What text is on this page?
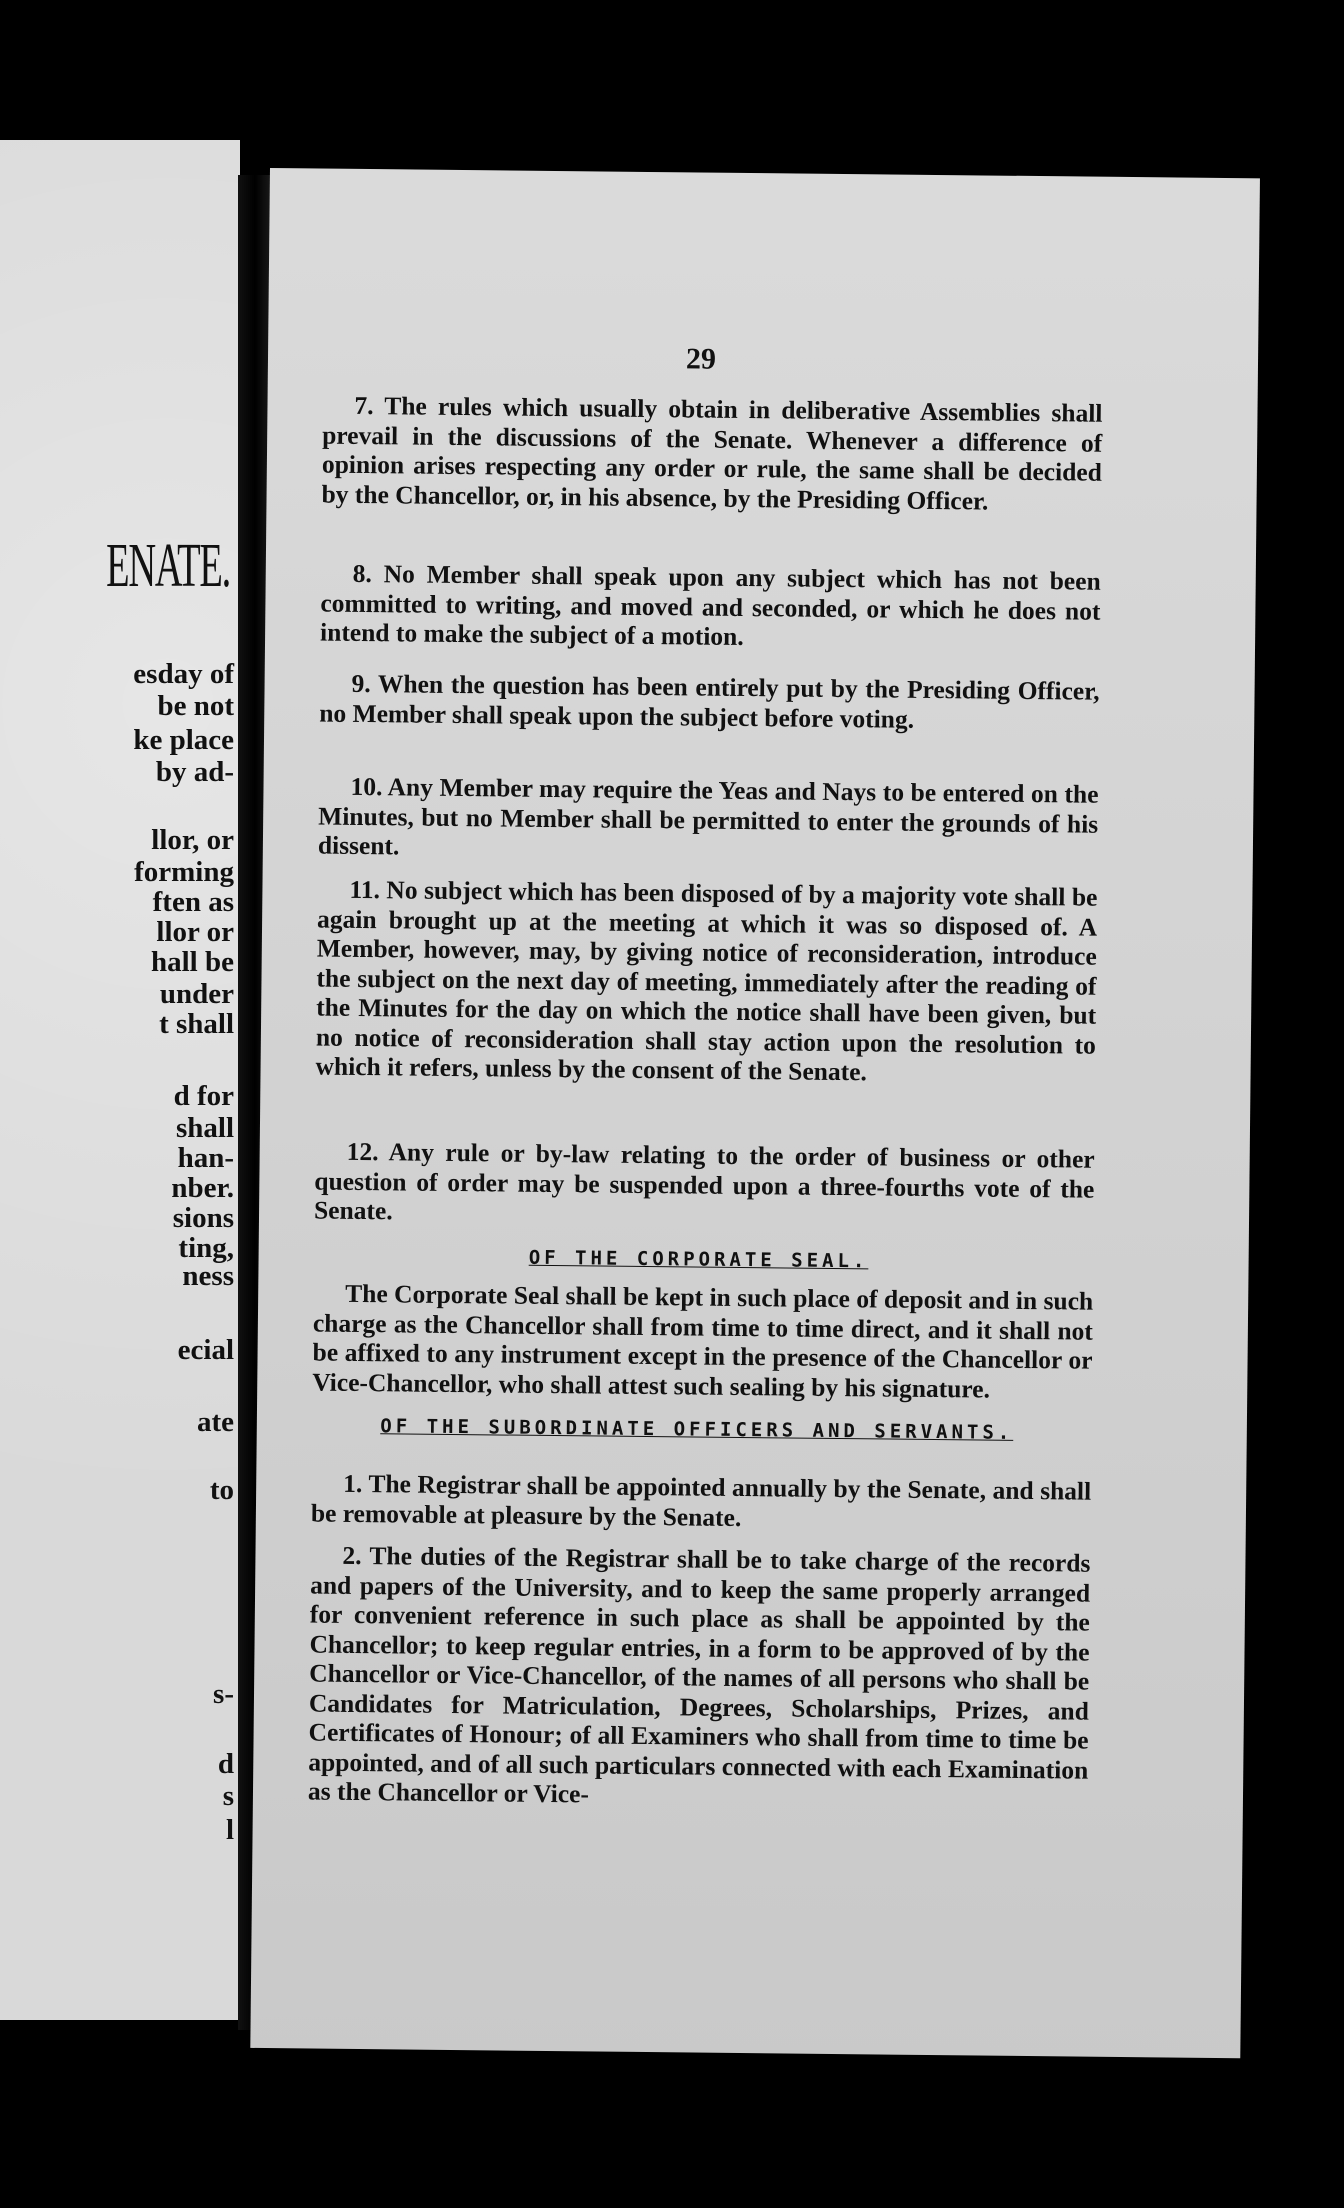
ENATE.
esday of
be not
ke place
by ad-
llor, or
forming
ften as
llor or
hall be
under
t shall
d for
shall
han-
nber.
sions
ting,
ness
ecial
ate
to
s-
d
s
l
29

7. The rules which usually obtain in deliberative Assemblies shall prevail in the discussions of the Senate. Whenever a difference of opinion arises respecting any order or rule, the same shall be decided by the Chancellor, or, in his absence, by the Presiding Officer.

8. No Member shall speak upon any subject which has not been committed to writing, and moved and seconded, or which he does not intend to make the subject of a motion.

9. When the question has been entirely put by the Presiding Officer, no Member shall speak upon the subject before voting.

10. Any Member may require the Yeas and Nays to be entered on the Minutes, but no Member shall be permitted to enter the grounds of his dissent.

11. No subject which has been disposed of by a majority vote shall be again brought up at the meeting at which it was so disposed of. A Member, however, may, by giving notice of reconsideration, introduce the subject on the next day of meeting, immediately after the reading of the Minutes for the day on which the notice shall have been given, but no notice of reconsideration shall stay action upon the resolution to which it refers, unless by the consent of the Senate.

12. Any rule or by-law relating to the order of business or other question of order may be suspended upon a three-fourths vote of the Senate.

OF THE CORPORATE SEAL.

The Corporate Seal shall be kept in such place of deposit and in such charge as the Chancellor shall from time to time direct, and it shall not be affixed to any instrument except in the presence of the Chancellor or Vice-Chancellor, who shall attest such sealing by his signature.

OF THE SUBORDINATE OFFICERS AND SERVANTS.

1. The Registrar shall be appointed annually by the Senate, and shall be removable at pleasure by the Senate.

2. The duties of the Registrar shall be to take charge of the records and papers of the University, and to keep the same properly arranged for convenient reference in such place as shall be appointed by the Chancellor; to keep regular entries, in a form to be approved of by the Chancellor or Vice-Chancellor, of the names of all persons who shall be Candidates for Matriculation, Degrees, Scholarships, Prizes, and Certificates of Honour; of all Examiners who shall from time to time be appointed, and of all such particulars connected with each Examination as the Chancellor or Vice-
